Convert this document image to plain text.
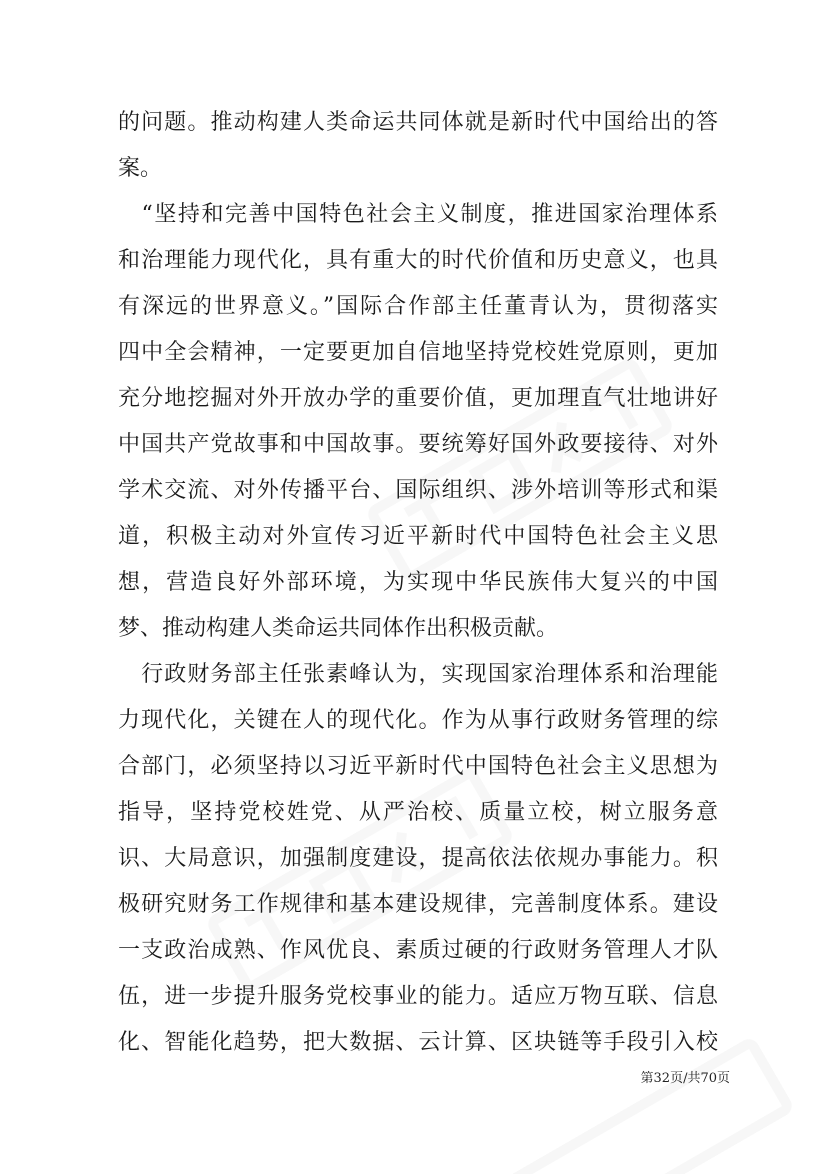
的问题。推动构建人类命运共同体就是新时代中国给出的答
案。
　“坚持和完善中国特色社会主义制度，推进国家治理体系
和治理能力现代化，具有重大的时代价值和历史意义，也具
有深远的世界意义。”国际合作部主任董青认为，贯彻落实
四中全会精神，一定要更加自信地坚持党校姓党原则，更加
充分地挖掘对外开放办学的重要价值，更加理直气壮地讲好
中国共产党故事和中国故事。要统筹好国外政要接待、对外
学术交流、对外传播平台、国际组织、涉外培训等形式和渠
道，积极主动对外宣传习近平新时代中国特色社会主义思
想，营造良好外部环境，为实现中华民族伟大复兴的中国
梦、推动构建人类命运共同体作出积极贡献。
　行政财务部主任张素峰认为，实现国家治理体系和治理能
力现代化，关键在人的现代化。作为从事行政财务管理的综
合部门，必须坚持以习近平新时代中国特色社会主义思想为
指导，坚持党校姓党、从严治校、质量立校，树立服务意
识、大局意识，加强制度建设，提高依法依规办事能力。积
极研究财务工作规律和基本建设规律，完善制度体系。建设
一支政治成熟、作风优良、素质过硬的行政财务管理人才队
伍，进一步提升服务党校事业的能力。适应万物互联、信息
化、智能化趋势，把大数据、云计算、区块链等手段引入校
第32页/共70页
